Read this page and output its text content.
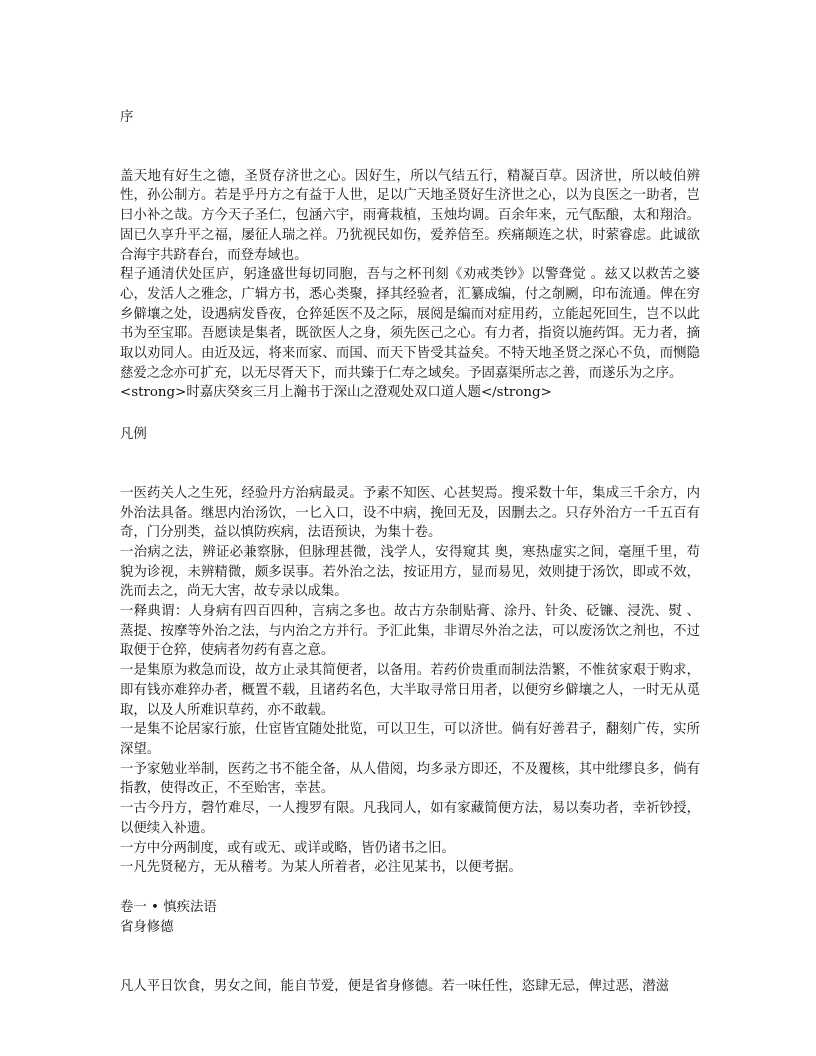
序

盖天地有好生之德，圣贤存济世之心。因好生，所以气结五行，精凝百草。因济世，所以岐伯辨性，孙公制方。若是乎丹方之有益于人世，足以广天地圣贤好生济世之心，以为良医之一助者，岂曰小补之哉。方今天子圣仁，包涵六宇，雨膏栽植，玉烛均调。百余年来，元气酝酿，太和翔洽。固已久享升平之福，屡征人瑞之祥。乃犹视民如伤，爱养倍至。疾痛颠连之状，时萦睿虑。此诚欲合海宇共跻春台，而登寿域也。

程子通清伏处匡庐，躬逢盛世每切同胞，吾与之杯刊刻《劝戒类钞》以警聋觉 。兹又以救苦之婆心，发活人之雅念，广辑方书，悉心类聚，择其经验者，汇纂成编，付之剞劂，印布流通。俾在穷乡僻壤之处，设遇病发昏夜，仓猝延医不及之际，展阅是编而对症用药，立能起死回生，岂不以此书为至宝耶。吾愿读是集者，既欲医人之身，须先医己之心。有力者，指资以施药饵。无力者，摘取以劝同人。由近及远，将来而家、而国、而天下皆受其益矣。不特天地圣贤之深心不负，而恻隐慈爱之念亦可扩充，以无尽胥天下，而共臻于仁寿之域矣。予固嘉渠所志之善，而遂乐为之序。

<strong>时嘉庆癸亥三月上瀚书于深山之澄观处双口道人题</strong>

凡例

一医药关人之生死，经验丹方治病最灵。予素不知医、心甚契焉。搜采数十年，集成三千余方，内外治法具备。继思内治汤饮，一匕入口，设不中病，挽回无及，因删去之。只存外治方一千五百有奇，门分别类，益以慎防疾病，法语预诀，为集十卷。

一治病之法，辨证必兼察脉，但脉理甚微，浅学人，安得窥其 奥，寒热虚实之间，毫厘千里，苟貌为诊视，未辨精微，颇多误事。若外治之法，按证用方，显而易见，效则捷于汤饮，即或不效，洗而去之，尚无大害，故专录以成集。

一释典谓：人身病有四百四种，言病之多也。故古方杂制贴膏、涂丹、针灸、砭镰、浸洗、熨 、蒸提、按摩等外治之法，与内治之方并行。予汇此集，非谓尽外治之法，可以废汤饮之剂也，不过取便于仓猝，使病者勿药有喜之意。

一是集原为救急而设，故方止录其简便者，以备用。若药价贵重而制法浩繁，不惟贫家艰于购求，即有钱亦难猝办者，概置不载，且诸药名色，大半取寻常日用者，以便穷乡僻壤之人，一时无从觅取，以及人所难识草药，亦不敢载。

一是集不论居家行旅，仕宦皆宜随处批览，可以卫生，可以济世。倘有好善君子，翻刻广传，实所深望。

一予家勉业举制，医药之书不能全备，从人借阅，均多录方即还，不及覆核，其中纰缪良多，倘有指教，使得改正，不至贻害，幸甚。

一古今丹方，磬竹难尽，一人搜罗有限。凡我同人，如有家藏简便方法，易以奏功者，幸祈钞授，以便续入补遗。

一方中分两制度，或有或无、或详或略，皆仍诸书之旧。

一凡先贤秘方，无从稽考。为某人所着者，必注见某书，以便考据。

卷一 • 慎疾法语
省身修德

凡人平日饮食，男女之间，能自节爱，便是省身修德。若一味任性，恣肆无忌，俾过恶，潜滋
